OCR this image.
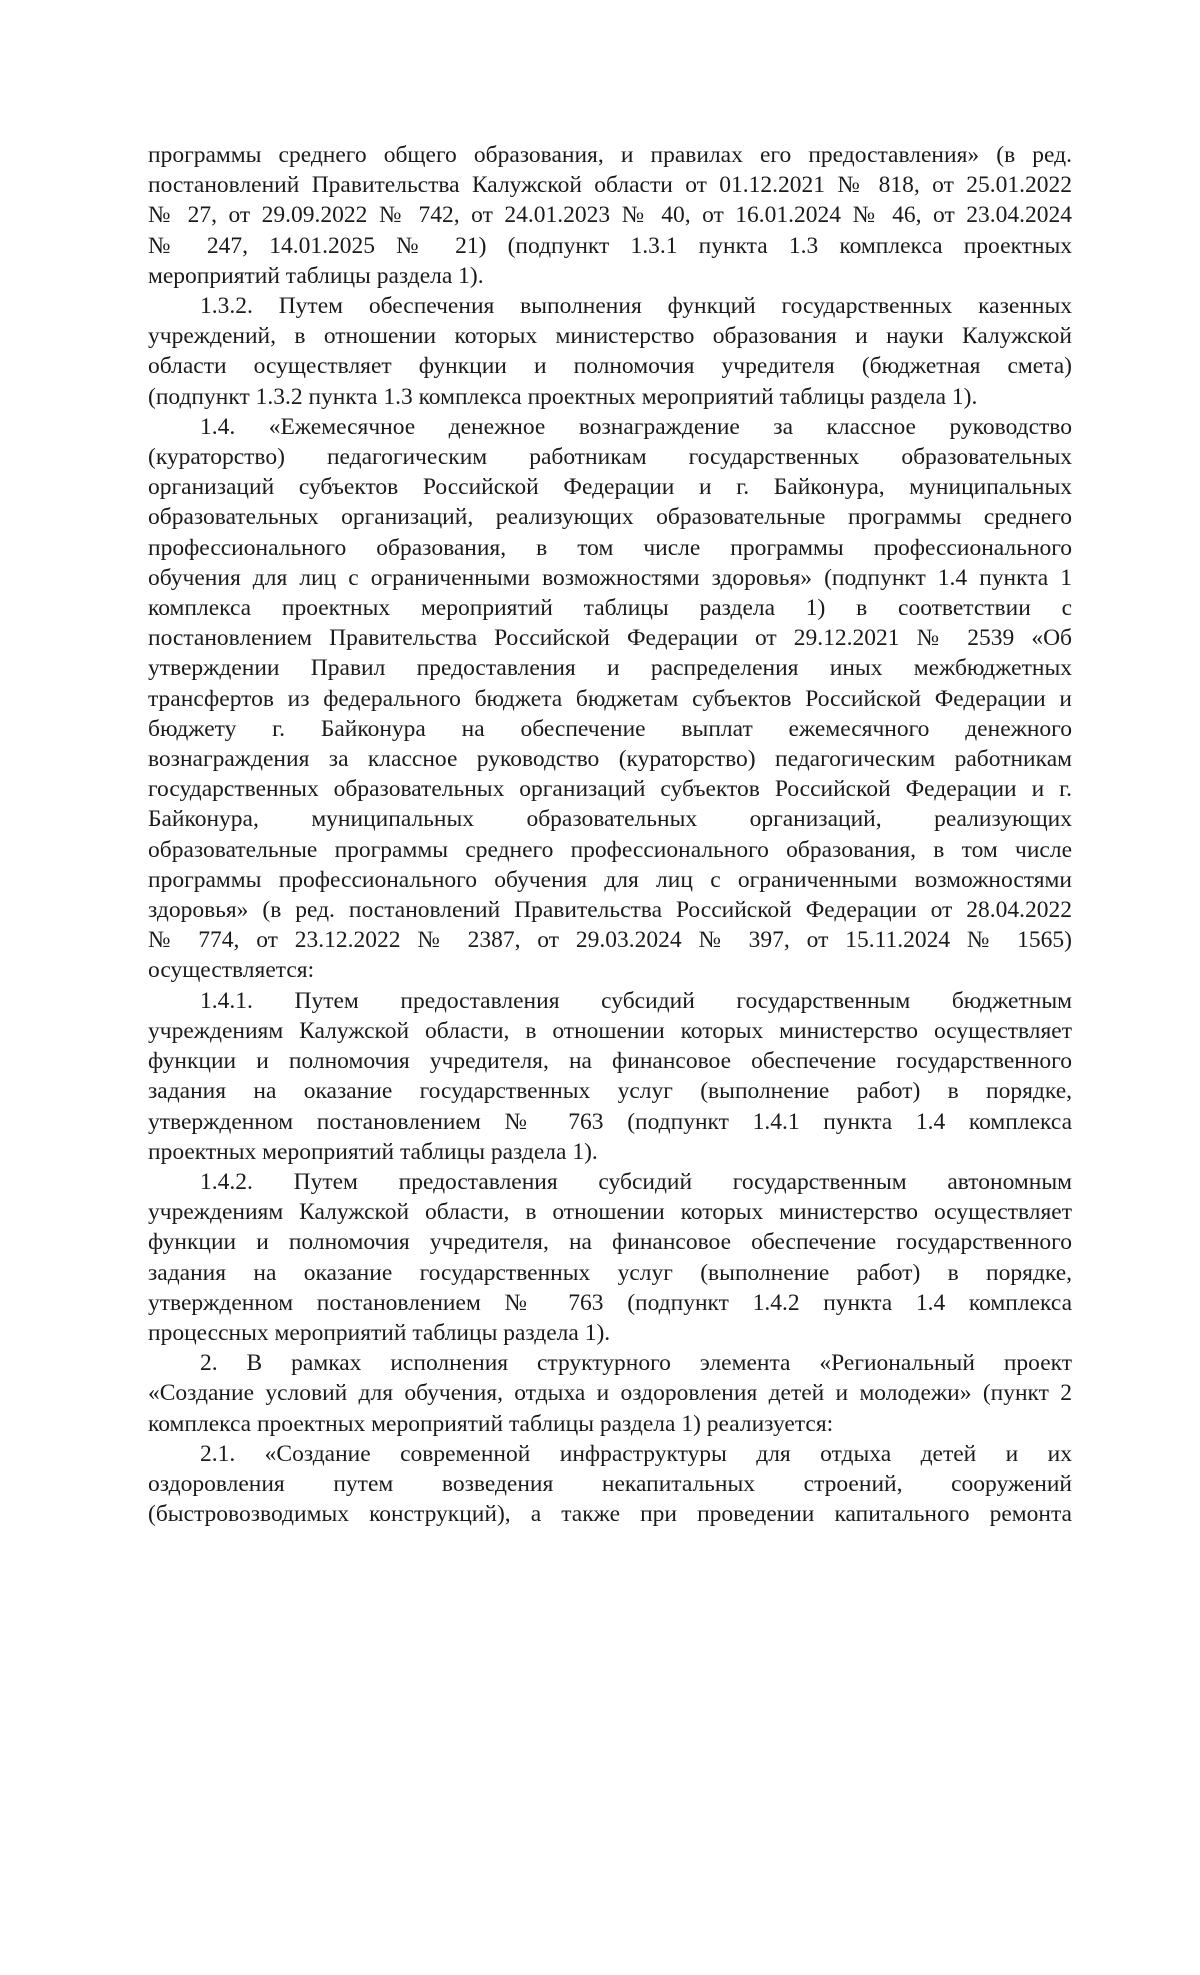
программы среднего общего образования, и правилах его предоставления» (в ред.
постановлений Правительства Калужской области от 01.12.2021 № 818, от 25.01.2022
№ 27, от 29.09.2022 № 742, от 24.01.2023 № 40, от 16.01.2024 № 46, от 23.04.2024
№ 247, 14.01.2025 № 21) (подпункт 1.3.1 пункта 1.3 комплекса проектных
мероприятий таблицы раздела 1).
1.3.2. Путем обеспечения выполнения функций государственных казенных
учреждений, в отношении которых министерство образования и науки Калужской
области осуществляет функции и полномочия учредителя (бюджетная смета)
(подпункт 1.3.2 пункта 1.3 комплекса проектных мероприятий таблицы раздела 1).
1.4. «Ежемесячное денежное вознаграждение за классное руководство
(кураторство) педагогическим работникам государственных образовательных
организаций субъектов Российской Федерации и г. Байконура, муниципальных
образовательных организаций, реализующих образовательные программы среднего
профессионального образования, в том числе программы профессионального
обучения для лиц с ограниченными возможностями здоровья» (подпункт 1.4 пункта 1
комплекса проектных мероприятий таблицы раздела 1) в соответствии с
постановлением Правительства Российской Федерации от 29.12.2021 № 2539 «Об
утверждении Правил предоставления и распределения иных межбюджетных
трансфертов из федерального бюджета бюджетам субъектов Российской Федерации и
бюджету г. Байконура на обеспечение выплат ежемесячного денежного
вознаграждения за классное руководство (кураторство) педагогическим работникам
государственных образовательных организаций субъектов Российской Федерации и г.
Байконура, муниципальных образовательных организаций, реализующих
образовательные программы среднего профессионального образования, в том числе
программы профессионального обучения для лиц с ограниченными возможностями
здоровья» (в ред. постановлений Правительства Российской Федерации от 28.04.2022
№ 774, от 23.12.2022 № 2387, от 29.03.2024 № 397, от 15.11.2024 № 1565)
осуществляется:
1.4.1. Путем предоставления субсидий государственным бюджетным
учреждениям Калужской области, в отношении которых министерство осуществляет
функции и полномочия учредителя, на финансовое обеспечение государственного
задания на оказание государственных услуг (выполнение работ) в порядке,
утвержденном постановлением № 763 (подпункт 1.4.1 пункта 1.4 комплекса
проектных мероприятий таблицы раздела 1).
1.4.2. Путем предоставления субсидий государственным автономным
учреждениям Калужской области, в отношении которых министерство осуществляет
функции и полномочия учредителя, на финансовое обеспечение государственного
задания на оказание государственных услуг (выполнение работ) в порядке,
утвержденном постановлением № 763 (подпункт 1.4.2 пункта 1.4 комплекса
процессных мероприятий таблицы раздела 1).
2. В рамках исполнения структурного элемента «Региональный проект
«Создание условий для обучения, отдыха и оздоровления детей и молодежи» (пункт 2
комплекса проектных мероприятий таблицы раздела 1) реализуется:
2.1. «Создание современной инфраструктуры для отдыха детей и их
оздоровления путем возведения некапитальных строений, сооружений
(быстровозводимых конструкций), а также при проведении капитального ремонта
